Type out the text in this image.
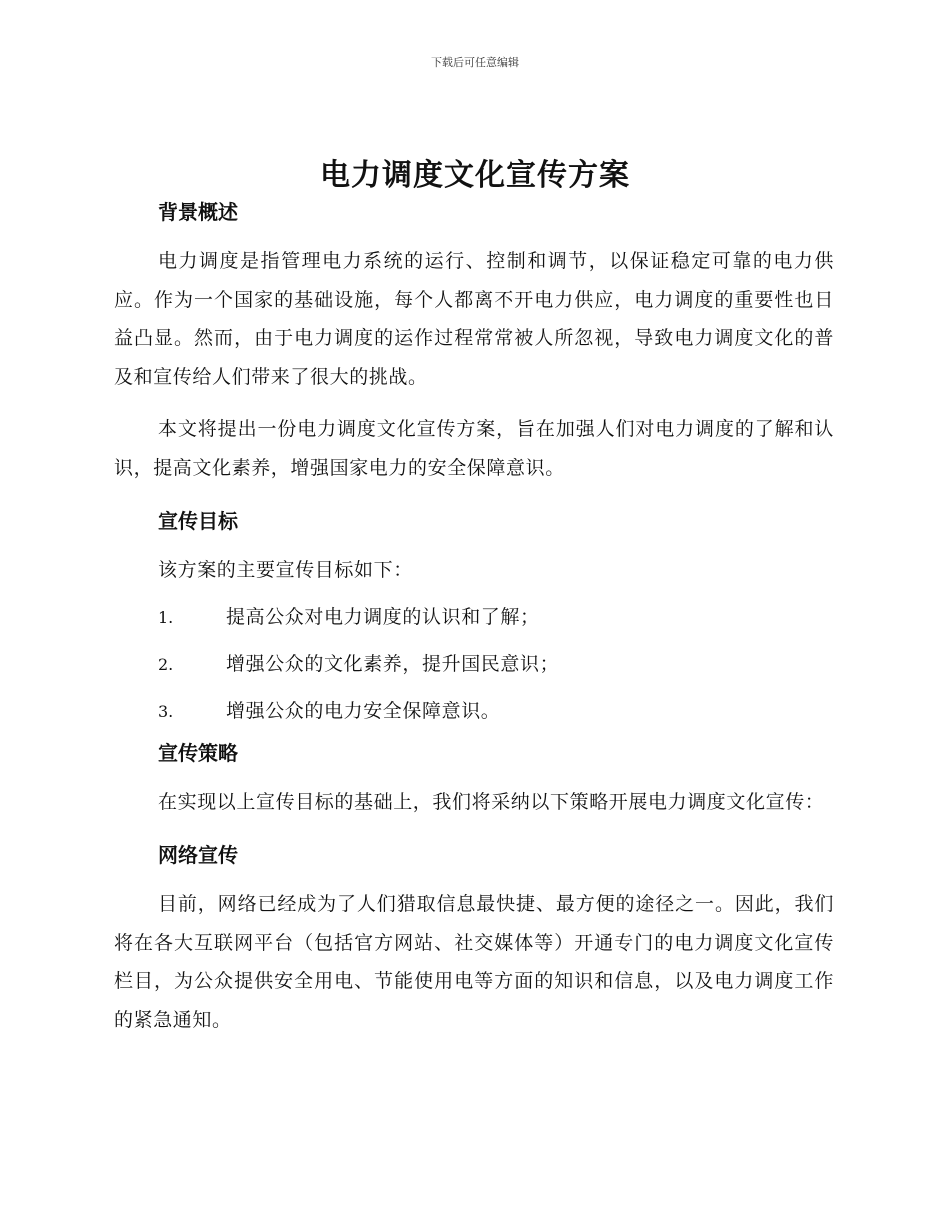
下载后可任意编辑
电力调度文化宣传方案
背景概述

电力调度是指管理电力系统的运行、控制和调节，以保证稳定可靠的电力供应。作为一个国家的基础设施，每个人都离不开电力供应，电力调度的重要性也日益凸显。然而，由于电力调度的运作过程常常被人所忽视，导致电力调度文化的普及和宣传给人们带来了很大的挑战。

本文将提出一份电力调度文化宣传方案，旨在加强人们对电力调度的了解和认识，提高文化素养，增强国家电力的安全保障意识。

宣传目标

该方案的主要宣传目标如下：

1.	提高公众对电力调度的认识和了解；
2.	增强公众的文化素养，提升国民意识；
3.	增强公众的电力安全保障意识。
宣传策略

在实现以上宣传目标的基础上，我们将采纳以下策略开展电力调度文化宣传：

网络宣传

目前，网络已经成为了人们猎取信息最快捷、最方便的途径之一。因此，我们将在各大互联网平台（包括官方网站、社交媒体等）开通专门的电力调度文化宣传栏目，为公众提供安全用电、节能使用电等方面的知识和信息，以及电力调度工作的紧急通知。
